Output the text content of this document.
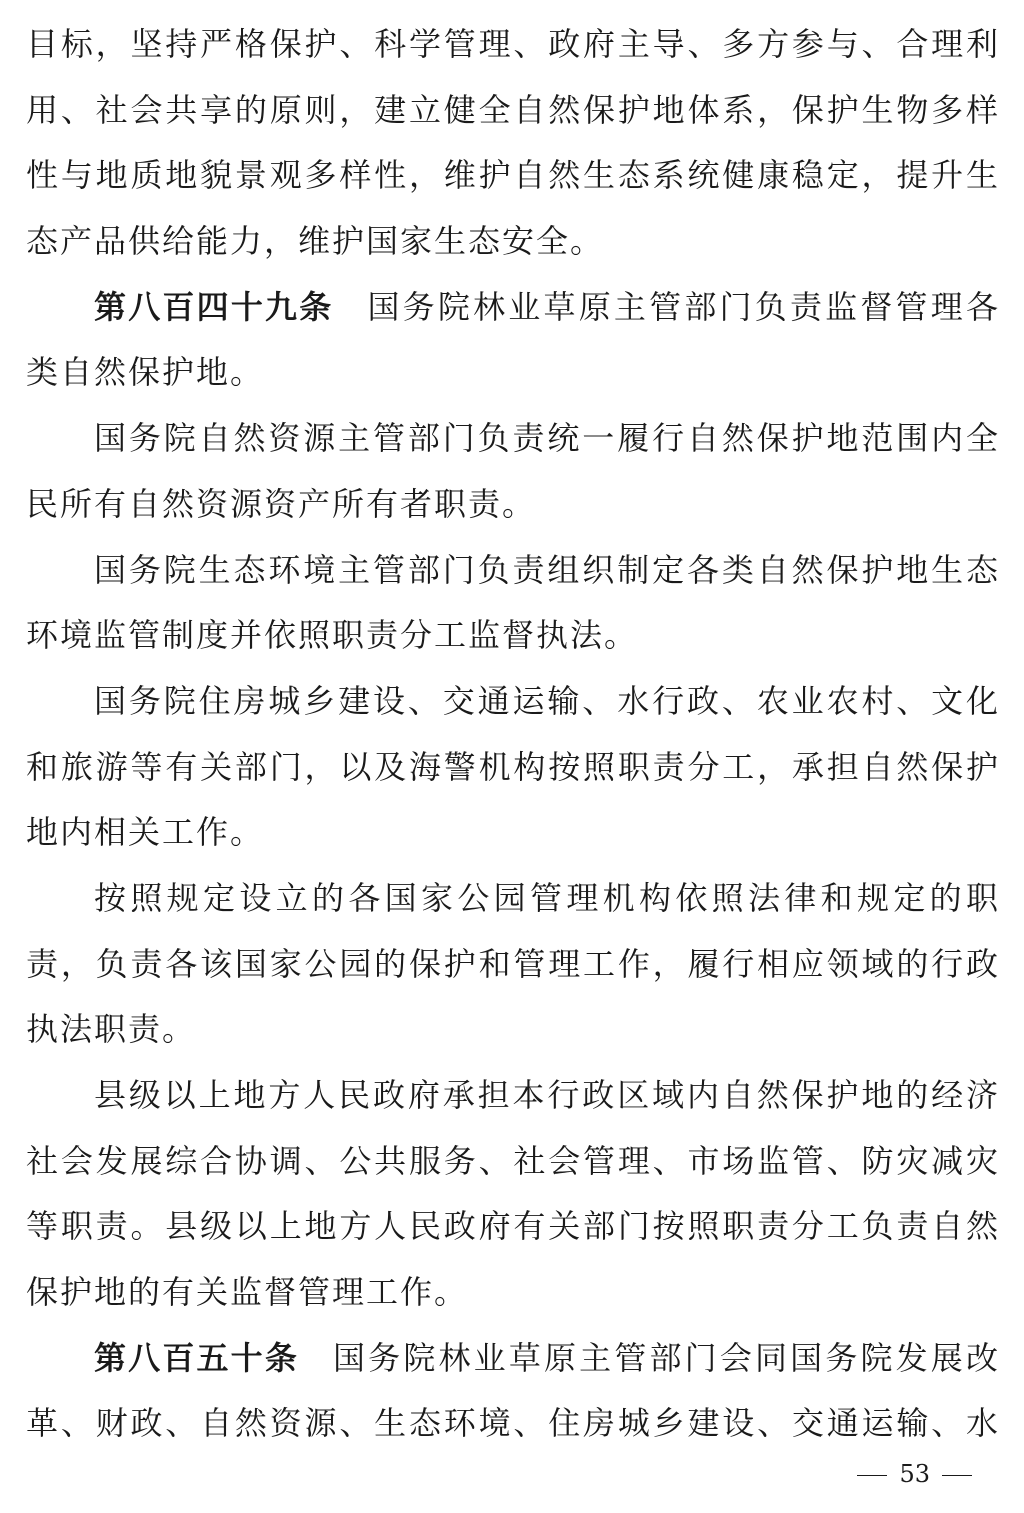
目标，坚持严格保护、科学管理、政府主导、多方参与、合理利
用、社会共享的原则，建立健全自然保护地体系，保护生物多样
性与地质地貌景观多样性，维护自然生态系统健康稳定，提升生
态产品供给能力，维护国家生态安全。
第八百四十九条 国务院林业草原主管部门负责监督管理各
类自然保护地。
国务院自然资源主管部门负责统一履行自然保护地范围内全
民所有自然资源资产所有者职责。
国务院生态环境主管部门负责组织制定各类自然保护地生态
环境监管制度并依照职责分工监督执法。
国务院住房城乡建设、交通运输、水行政、农业农村、文化
和旅游等有关部门，以及海警机构按照职责分工，承担自然保护
地内相关工作。
按照规定设立的各国家公园管理机构依照法律和规定的职
责，负责各该国家公园的保护和管理工作，履行相应领域的行政
执法职责。
县级以上地方人民政府承担本行政区域内自然保护地的经济
社会发展综合协调、公共服务、社会管理、市场监管、防灾减灾
等职责。县级以上地方人民政府有关部门按照职责分工负责自然
保护地的有关监督管理工作。
第八百五十条 国务院林业草原主管部门会同国务院发展改
革、财政、自然资源、生态环境、住房城乡建设、交通运输、水
53
